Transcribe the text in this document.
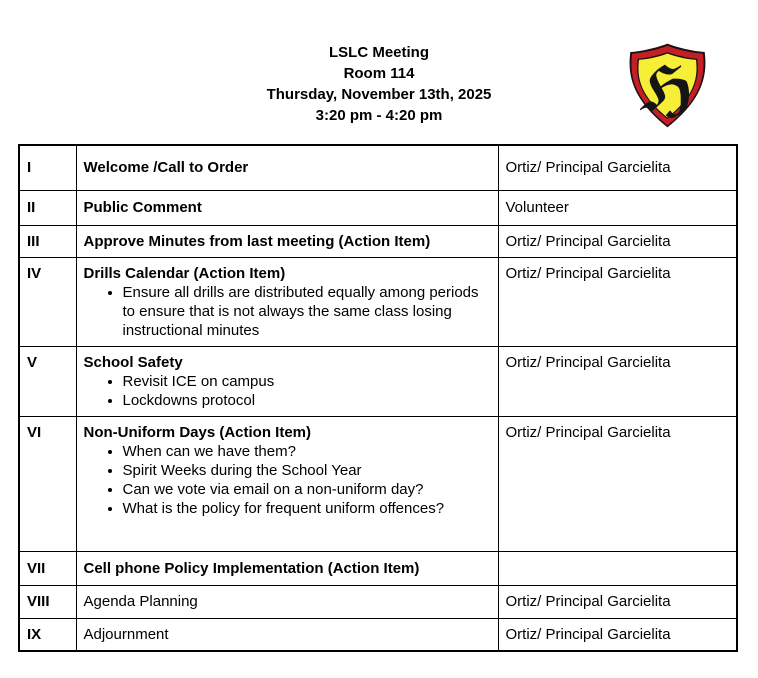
LSLC Meeting
Room 114
Thursday, November 13th, 2025
3:20 pm - 4:20 pm	ℌ
I	Welcome /Call to Order	Ortiz/ Principal Garcielita
II	Public Comment	Volunteer
III	Approve Minutes from last meeting (Action Item)	Ortiz/ Principal Garcielita
IV	Drills Calendar (Action Item)
• Ensure all drills are distributed equally among periods to ensure that is not always the same class losing instructional minutes
	Ortiz/ Principal Garcielita
V	School Safety
• Revisit ICE on campus
• Lockdowns protocol
	Ortiz/ Principal Garcielita
VI	Non-Uniform Days (Action Item)
• When can we have them?
• Spirit Weeks during the School Year
• Can we vote via email on a non-uniform day?
• What is the policy for frequent uniform offences?
	Ortiz/ Principal Garcielita
VII	Cell phone Policy Implementation (Action Item)	

VIII	Agenda Planning	Ortiz/ Principal Garcielita
IX	Adjournment	Ortiz/ Principal Garcielita
